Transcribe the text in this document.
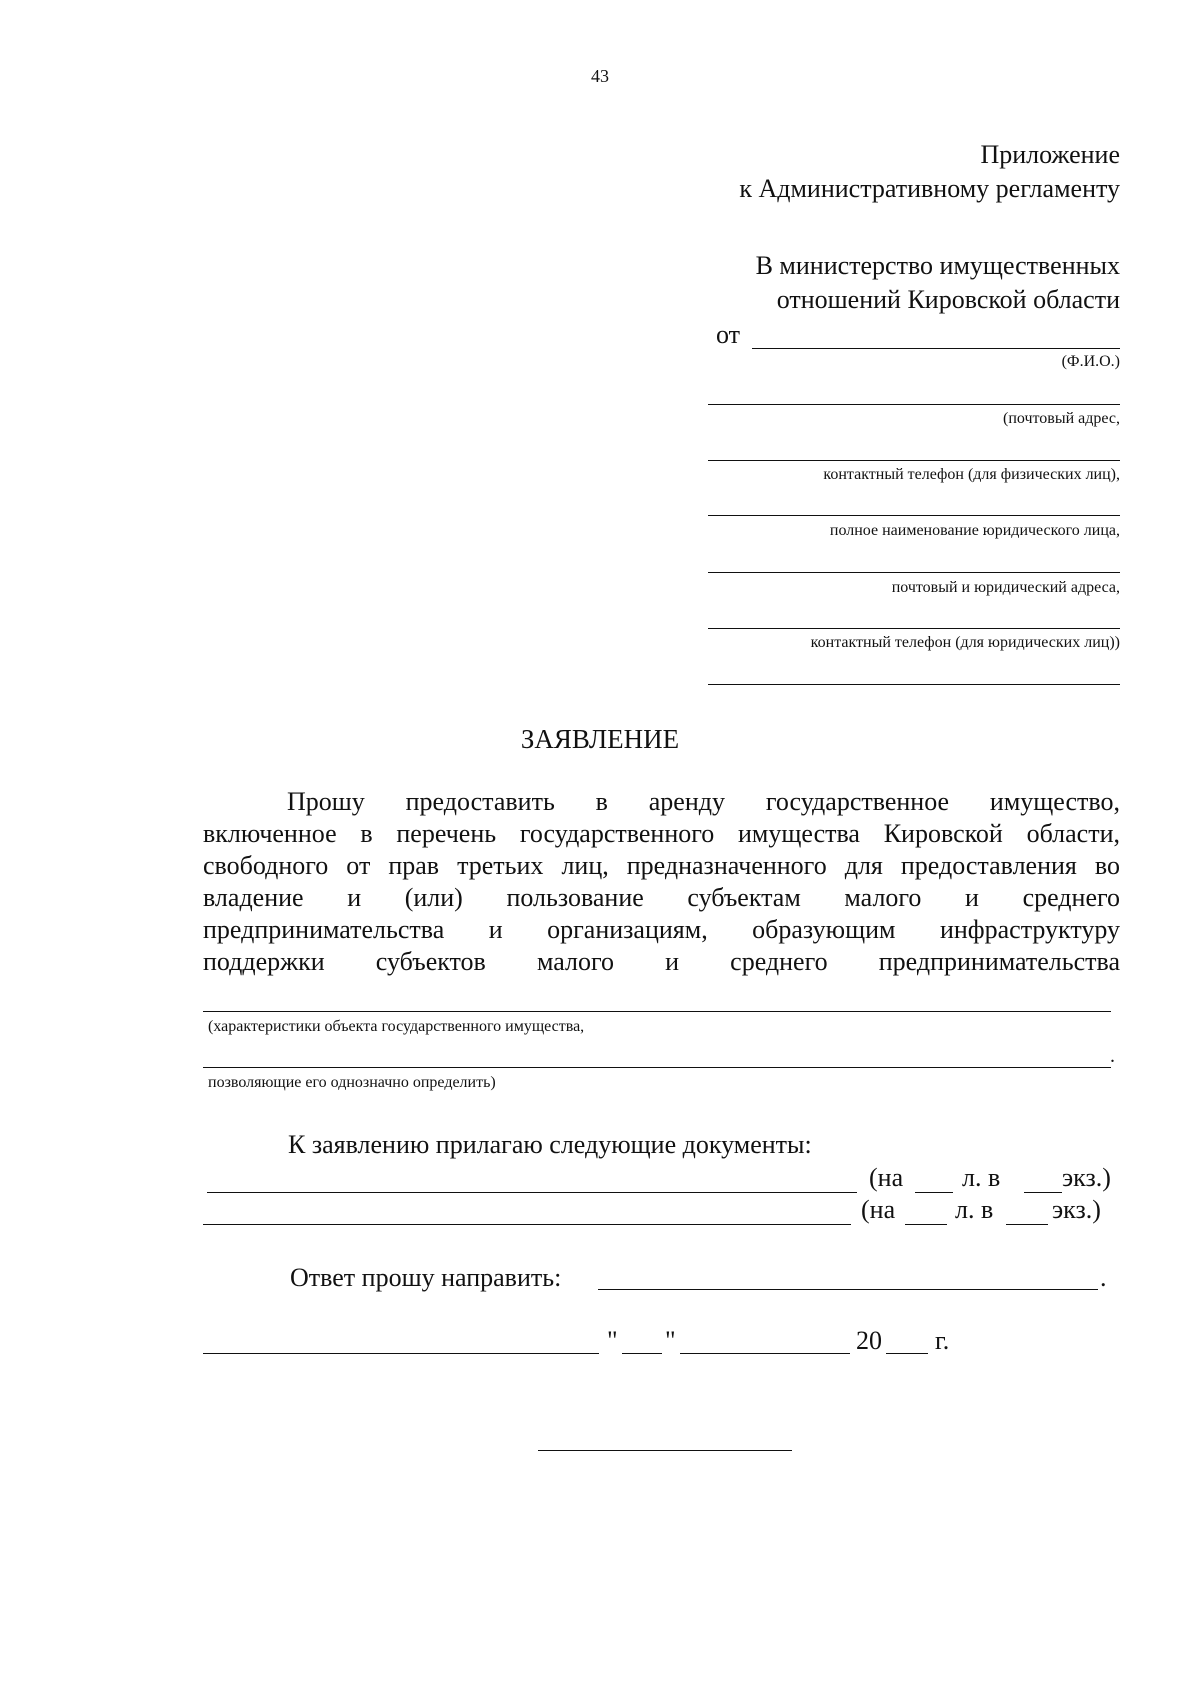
43
Приложение
к Административному регламенту
В министерство имущественных
отношений Кировской области
от
(Ф.И.О.)
(почтовый адрес,
контактный телефон (для физических лиц),
полное наименование юридического лица,
почтовый и юридический адреса,
контактный телефон (для юридических лиц))
ЗАЯВЛЕНИЕ
Прошу предоставить в аренду государственное имущество,
включенное в перечень государственного имущества Кировской области,
свободного от прав третьих лиц, предназначенного для предоставления во
владение и (или) пользование субъектам малого и среднего
предпринимательства и организациям, образующим инфраструктуру
поддержки субъектов малого и среднего предпринимательства
(характеристики объекта государственного имущества,
.
позволяющие его однозначно определить)
К заявлению прилагаю следующие документы:
(на л. в экз.)
(на л. в экз.)
Ответ прошу направить:	.
" "	20 г.
